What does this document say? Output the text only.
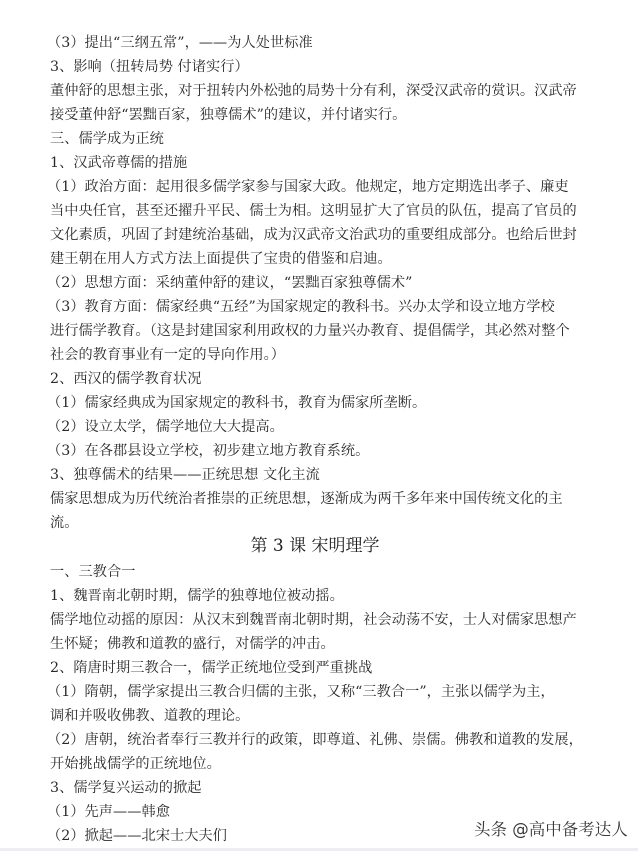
（3）提出“三纲五常”，——为人处世标准
3、影响（扭转局势 付诸实行）
董仲舒的思想主张，对于扭转内外松弛的局势十分有利，深受汉武帝的赏识。汉武帝
接受董仲舒“罢黜百家，独尊儒术”的建议，并付诸实行。
三、儒学成为正统
1、汉武帝尊儒的措施
（1）政治方面：起用很多儒学家参与国家大政。他规定，地方定期选出孝子、廉吏
当中央任官，甚至还擢升平民、儒士为相。这明显扩大了官员的队伍，提高了官员的
文化素质，巩固了封建统治基础，成为汉武帝文治武功的重要组成部分。也给后世封
建王朝在用人方式方法上面提供了宝贵的借鉴和启迪。
（2）思想方面：采纳董仲舒的建议，“罢黜百家独尊儒术”
（3）教育方面：儒家经典“五经”为国家规定的教科书。兴办太学和设立地方学校
进行儒学教育。（这是封建国家利用政权的力量兴办教育、提倡儒学，其必然对整个
社会的教育事业有一定的导向作用。）
2、西汉的儒学教育状况
（1）儒家经典成为国家规定的教科书，教育为儒家所垄断。
（2）设立太学，儒学地位大大提高。
（3）在各郡县设立学校，初步建立地方教育系统。
3、独尊儒术的结果——正统思想 文化主流
儒家思想成为历代统治者推崇的正统思想，逐渐成为两千多年来中国传统文化的主
流。
第 3 课 宋明理学
一、三教合一
1、魏晋南北朝时期，儒学的独尊地位被动摇。
儒学地位动摇的原因：从汉末到魏晋南北朝时期，社会动荡不安，士人对儒家思想产
生怀疑；佛教和道教的盛行，对儒学的冲击。
2、隋唐时期三教合一，儒学正统地位受到严重挑战
（1）隋朝，儒学家提出三教合归儒的主张，又称“三教合一”，主张以儒学为主，
调和并吸收佛教、道教的理论。
（2）唐朝，统治者奉行三教并行的政策，即尊道、礼佛、崇儒。佛教和道教的发展，
开始挑战儒学的正统地位。
3、儒学复兴运动的掀起
（1）先声——韩愈
（2）掀起——北宋士大夫们	头条 @高中备考达人
